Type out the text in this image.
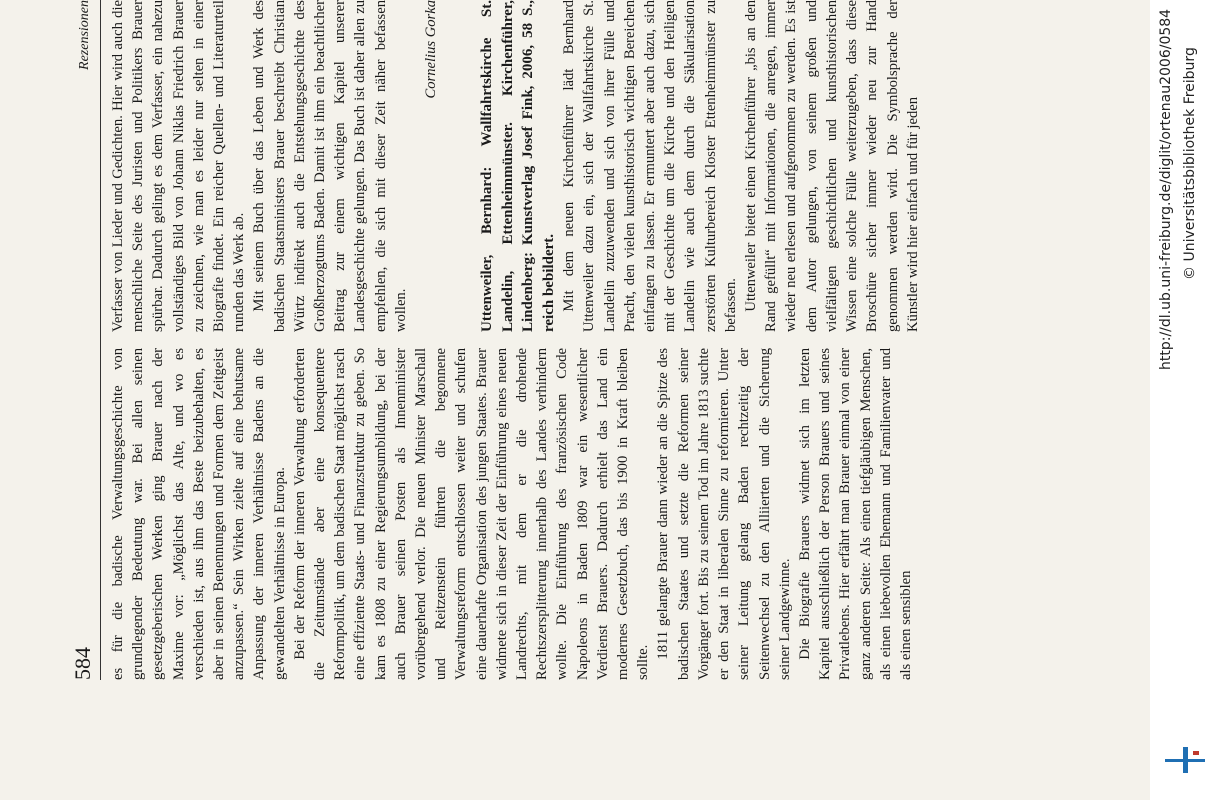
584
Rezensionen

es für die badische Verwaltungsgeschichte von grundlegender Bedeutung war. Bei allen seinen gesetzgeberischen Werken ging Brauer nach der Maxime vor: „Möglichst das Alte, und wo es verschieden ist, aus ihm das Beste beizubehalten, es aber in seinen Benennungen und Formen dem Zeitgeist anzupassen.“ Sein Wirken zielte auf eine behutsame Anpassung der inneren Verhältnisse Badens an die gewandelten Verhältnisse in Europa. Bei der Reform der inneren Verwaltung erforderten die Zeitumstände aber eine konsequentere Reformpolitik, um dem badischen Staat möglichst rasch eine effiziente Staats- und Finanzstruktur zu geben. So kam es 1808 zu einer Regierungsumbildung, bei der auch Brauer seinen Posten als Innenminister vorübergehend verlor. Die neuen Minister Marschall und Reitzenstein führten die begonnene Verwaltungsreform entschlossen weiter und schufen eine dauerhafte Organisation des jungen Staates. Brauer widmete sich in dieser Zeit der Einführung eines neuen Landrechts, mit dem er die drohende Rechtszersplitterung innerhalb des Landes verhindern wollte. Die Einführung des französischen Code Napoleons in Baden 1809 war ein wesentlicher Verdienst Brauers. Dadurch erhielt das Land ein modernes Gesetzbuch, das bis 1900 in Kraft bleiben sollte.

1811 gelangte Brauer dann wieder an die Spitze des badischen Staates und setzte die Reformen seiner Vorgänger fort. Bis zu seinem Tod im Jahre 1813 suchte er den Staat in liberalen Sinne zu reformieren. Unter seiner Leitung gelang Baden rechtzeitig der Seitenwechsel zu den Alliierten und die Sicherung seiner Landgewinne. Die Biografie Brauers widmet sich im letzten Kapitel ausschließlich der Person Brauers und seines Privatlebens. Hier erfährt man Brauer einmal von einer ganz anderen Seite: Als einen tiefgläubigen Menschen, als einen liebevollen Ehemann und Familienvater und als einen sensiblen

Verfasser von Lieder und Gedichten. Hier wird auch die menschliche Seite des Juristen und Politikers Brauer spürbar. Dadurch gelingt es dem Verfasser, ein nahezu vollständiges Bild von Johann Niklas Friedrich Brauer zu zeichnen, wie man es leider nur selten in einer Biografie findet. Ein reicher Quellen- und Literaturteil runden das Werk ab. Mit seinem Buch über das Leben und Werk des badischen Staatsministers Brauer beschreibt Christian Würtz indirekt auch die Entstehungsgeschichte des Großherzogtums Baden. Damit ist ihm ein beachtlicher Beitrag zur einem wichtigen Kapitel unserer Landesgeschichte gelungen. Das Buch ist daher allen zu empfehlen, die sich mit dieser Zeit näher befassen wollen.

Cornelius Gorka	Uttenweiler, Bernhard: Wallfahrtskirche St. Landelin, Ettenheimmünster. Kirchenführer, Lindenberg: Kunstverlag Josef Fink, 2006, 58 S., reich bebildert. Mit dem neuen Kirchenführer lädt Bernhard Uttenweiler dazu ein, sich der Wallfahrtskirche St. Landelin zuzuwenden und sich von ihrer Fülle und Pracht, den vielen kunsthistorisch wichtigen Bereichen einfangen zu lassen. Er ermuntert aber auch dazu, sich mit der Geschichte um die Kirche und den Heiligen Landelin wie auch dem durch die Säkularisation zerstörten Kulturbereich Kloster Ettenheimmünster zu befassen. Uttenweiler bietet einen Kirchenführer „bis an den Rand gefüllt“ mit Informationen, die anregen, immer wieder neu erlesen und aufgenommen zu werden. Es ist dem Autor gelungen, von seinem großen und vielfältigen geschichtlichen und kunsthistorischen Wissen eine solche Fülle weiterzugeben, dass diese Broschüre sicher immer wieder neu zur Hand genommen werden wird. Die Symbolsprache der Künstler wird hier einfach und für jeden	http://dl.ub.uni-freiburg.de/diglit/ortenau2006/0584 © Universitätsbibliothek Freiburg
